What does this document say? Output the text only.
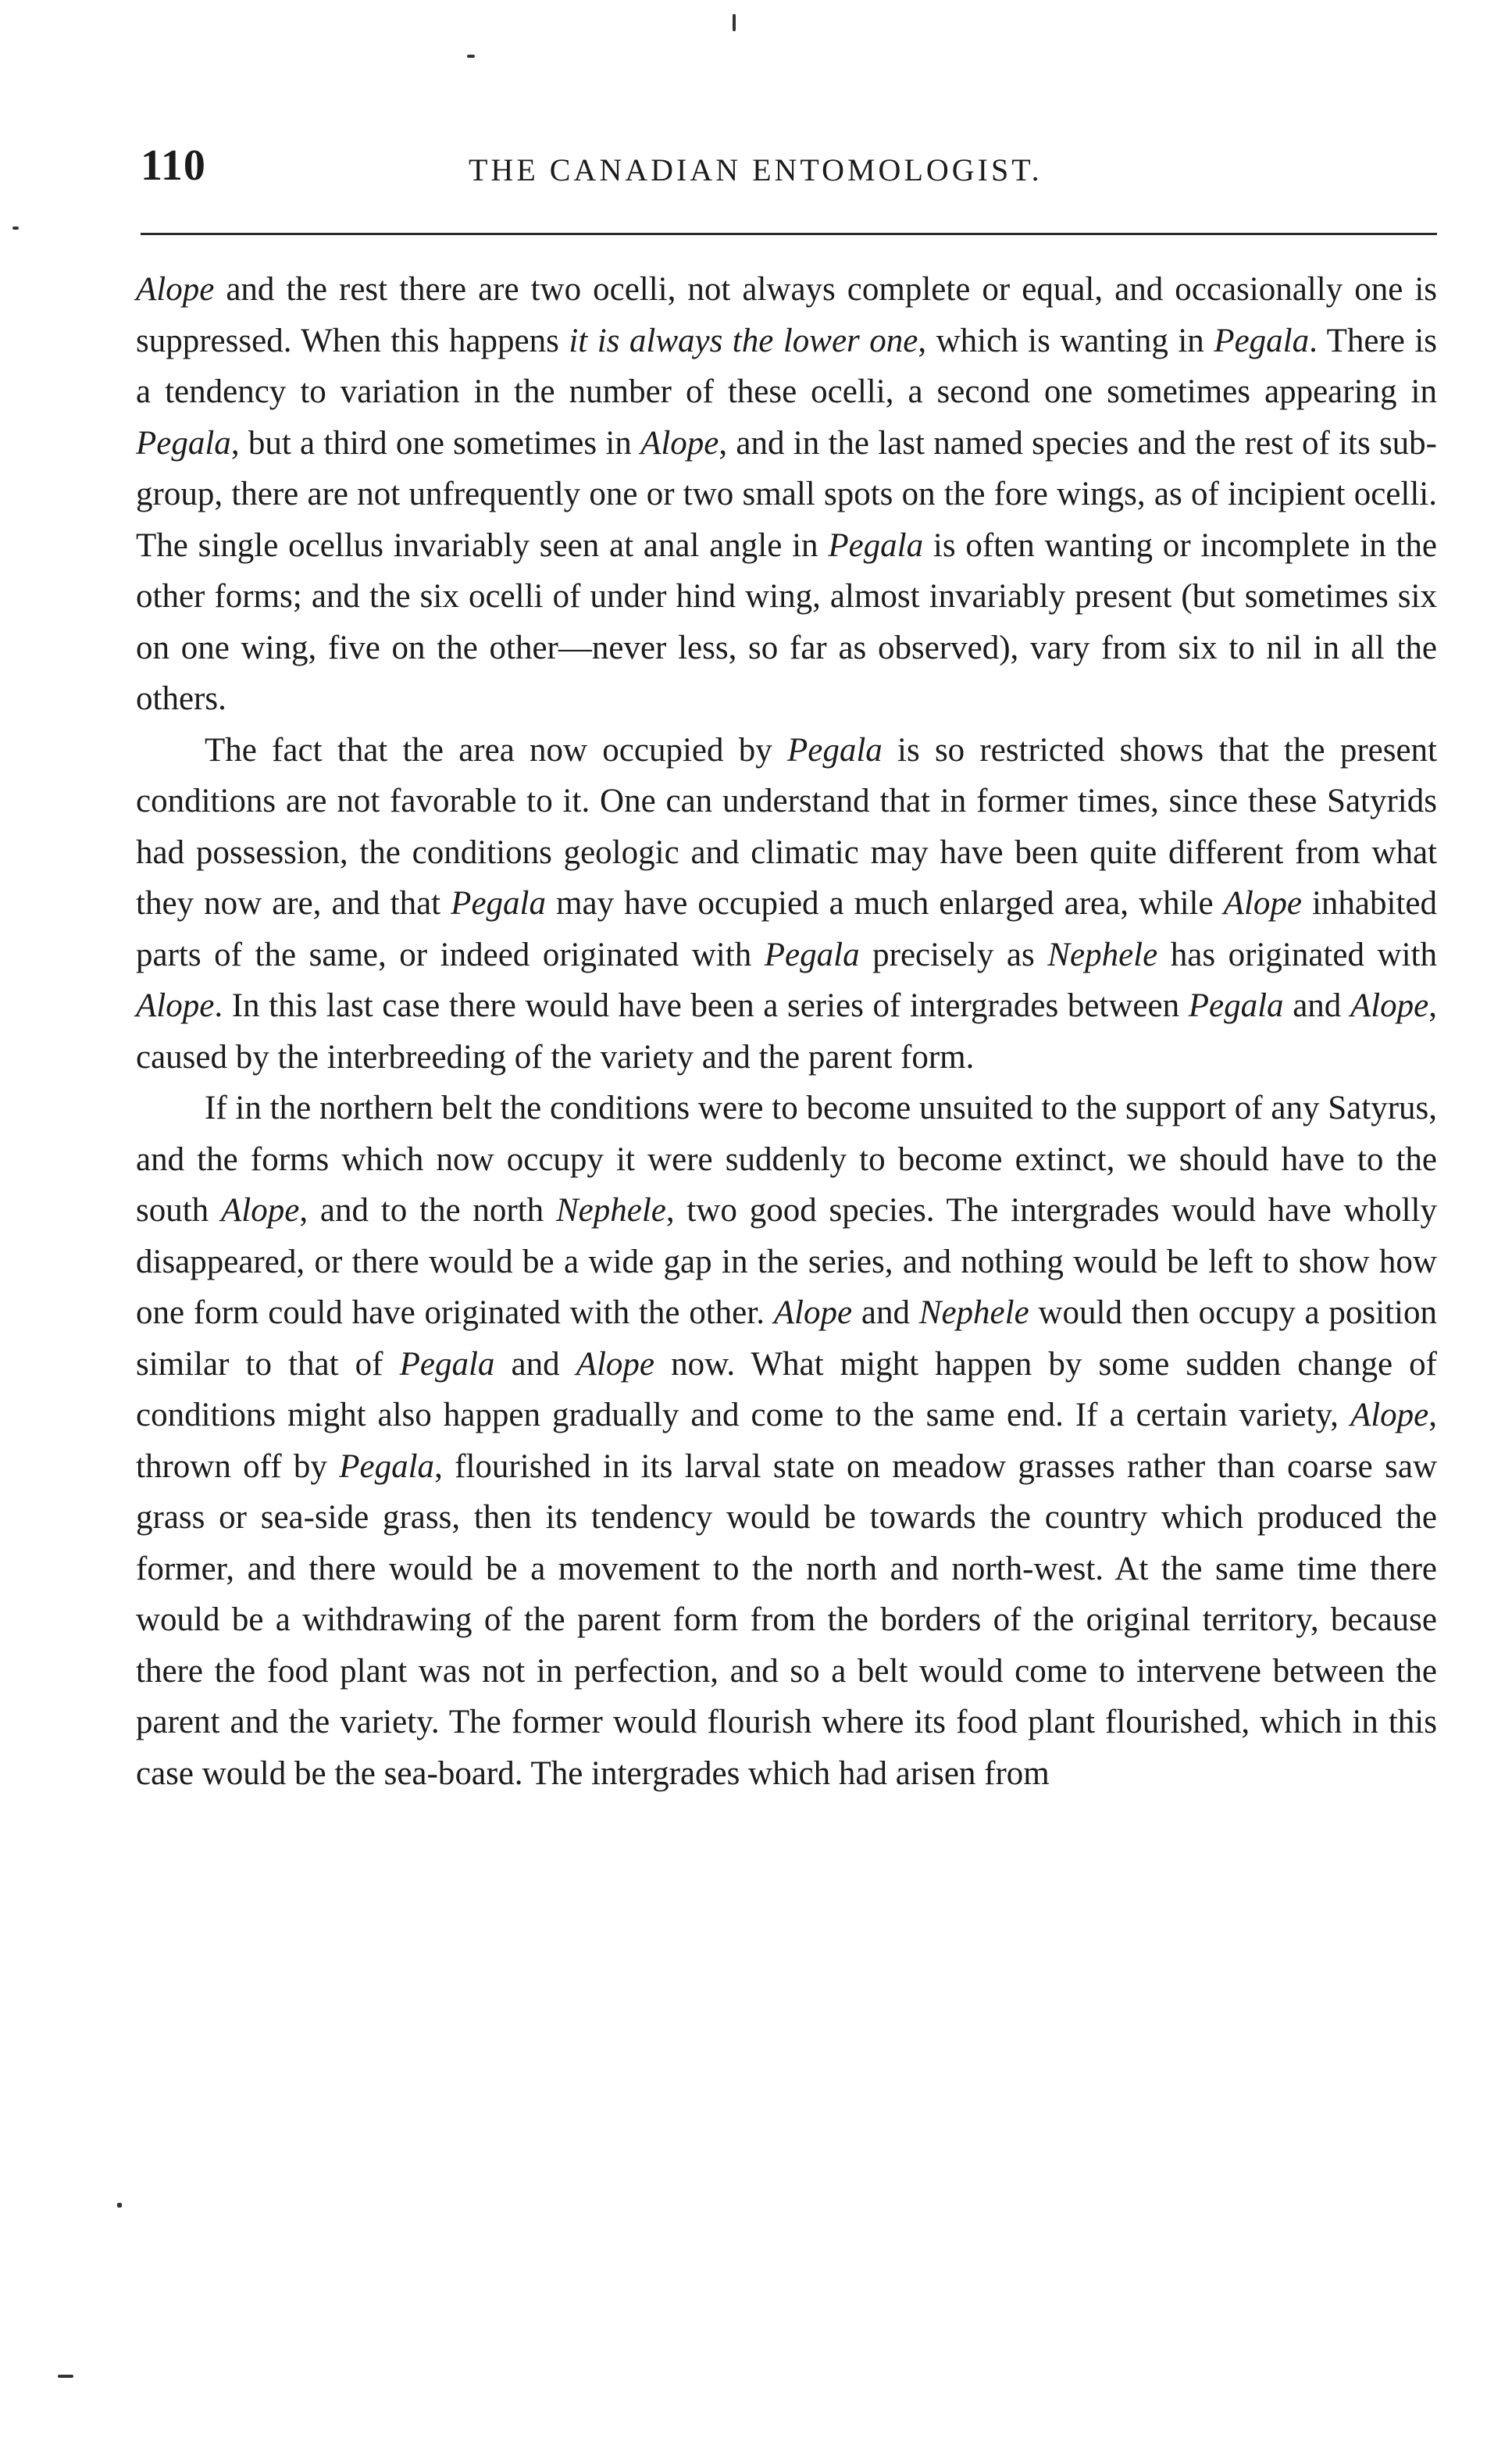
110	THE CANADIAN ENTOMOLOGIST.

Alope and the rest there are two ocelli, not always complete or equal, and occasionally one is suppressed. When this happens it is always the lower one, which is wanting in Pegala. There is a tendency to variation in the number of these ocelli, a second one sometimes appearing in Pegala, but a third one sometimes in Alope, and in the last named species and the rest of its sub-group, there are not unfrequently one or two small spots on the fore wings, as of incipient ocelli. The single ocellus invariably seen at anal angle in Pegala is often wanting or incomplete in the other forms; and the six ocelli of under hind wing, almost invariably present (but sometimes six on one wing, five on the other—never less, so far as observed), vary from six to nil in all the others.

The fact that the area now occupied by Pegala is so restricted shows that the present conditions are not favorable to it. One can understand that in former times, since these Satyrids had possession, the conditions geologic and climatic may have been quite different from what they now are, and that Pegala may have occupied a much enlarged area, while Alope inhabited parts of the same, or indeed originated with Pegala precisely as Nephele has originated with Alope. In this last case there would have been a series of intergrades between Pegala and Alope, caused by the interbreeding of the variety and the parent form.

If in the northern belt the conditions were to become unsuited to the support of any Satyrus, and the forms which now occupy it were suddenly to become extinct, we should have to the south Alope, and to the north Nephele, two good species. The intergrades would have wholly disappeared, or there would be a wide gap in the series, and nothing would be left to show how one form could have originated with the other. Alope and Nephele would then occupy a position similar to that of Pegala and Alope now. What might happen by some sudden change of conditions might also happen gradually and come to the same end. If a certain variety, Alope, thrown off by Pegala, flourished in its larval state on meadow grasses rather than coarse saw grass or sea-side grass, then its tendency would be towards the country which produced the former, and there would be a movement to the north and north-west. At the same time there would be a withdrawing of the parent form from the borders of the original territory, because there the food plant was not in perfection, and so a belt would come to intervene between the parent and the variety. The former would flourish where its food plant flourished, which in this case would be the sea-board. The intergrades which had arisen from
